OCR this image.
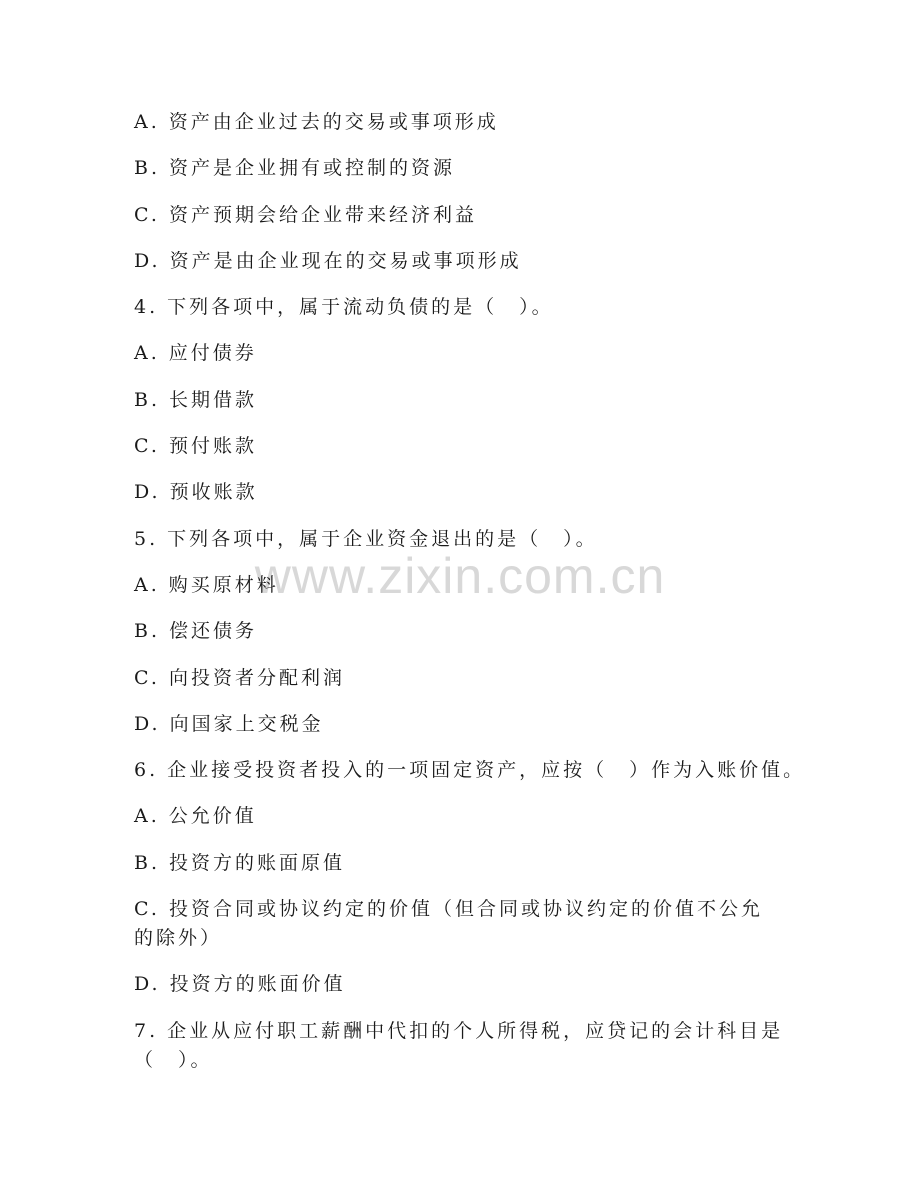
www.zixin.com.cn
A. 资产由企业过去的交易或事项形成
B. 资产是企业拥有或控制的资源
C. 资产预期会给企业带来经济利益
D. 资产是由企业现在的交易或事项形成
4. 下列各项中，属于流动负债的是（　）。
A. 应付债券
B. 长期借款
C. 预付账款
D. 预收账款
5. 下列各项中，属于企业资金退出的是（　）。
A. 购买原材料
B. 偿还债务
C. 向投资者分配利润
D. 向国家上交税金
6. 企业接受投资者投入的一项固定资产，应按（　）作为入账价值。
A. 公允价值
B. 投资方的账面原值
C. 投资合同或协议约定的价值（但合同或协议约定的价值不公允的除外）
D. 投资方的账面价值
7. 企业从应付职工薪酬中代扣的个人所得税，应贷记的会计科目是（　）。
